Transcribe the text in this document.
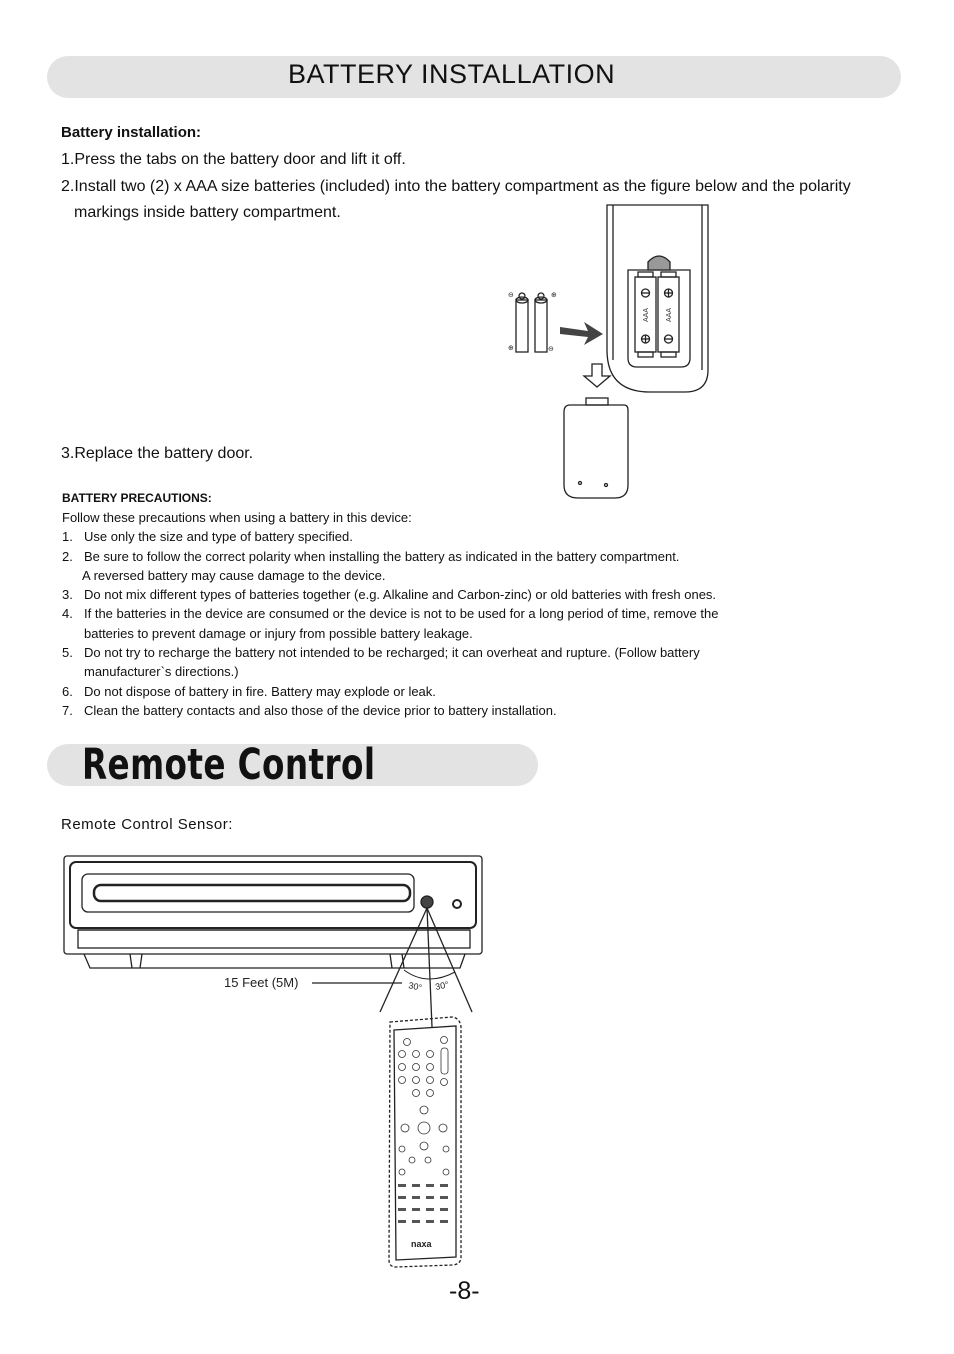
BATTERY INSTALLATION
Battery installation:
1.Press the tabs on the battery door and lift it off.
2.Install two (2) x AAA size batteries (included) into the battery compartment as the figure below and the polarity
markings inside battery compartment.
3.Replace the battery door.
⊖	⊕
⊕	⊖
AAA AAA
BATTERY PRECAUTIONS:
Follow these precautions when using a battery in this device:
1. Use only the size and type of battery specified.
2. Be sure to follow the correct polarity when installing the battery as indicated in the battery compartment.
A reversed battery may cause damage to the device.
3. Do not mix different types of batteries together (e.g. Alkaline and Carbon-zinc) or old batteries with fresh ones.
4. If the batteries in the device are consumed or the device is not to be used for a long period of time, remove the
batteries to prevent damage or injury from possible battery leakage.
5. Do not try to recharge the battery not intended to be recharged; it can overheat and rupture. (Follow battery
manufacturer`s directions.)
6. Do not dispose of battery in fire. Battery may explode or leak.
7. Clean the battery contacts and also those of the device prior to battery installation.
Remote Control
Remote Control Sensor:
15 Feet (5M)	30° 30°
naxa
-8-
